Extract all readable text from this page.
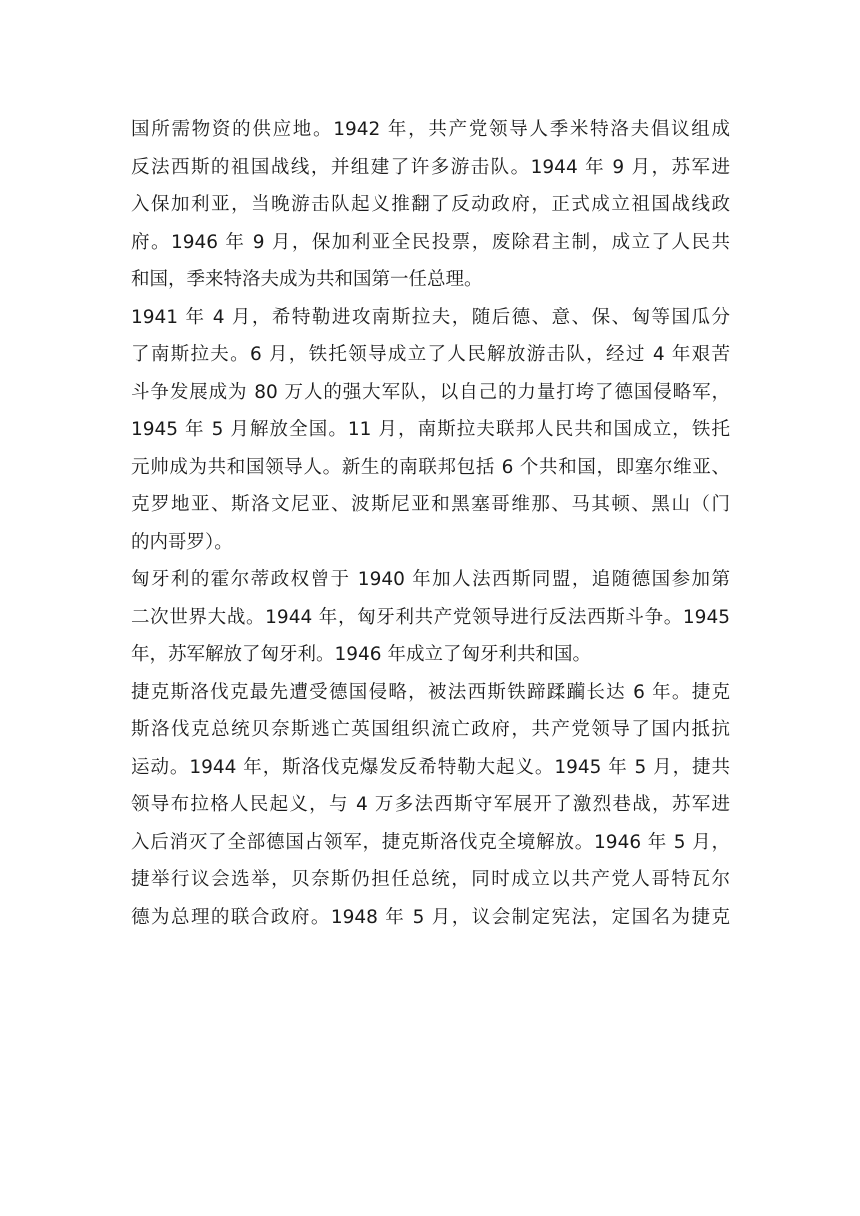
国所需物资的供应地。1942 年，共产党领导人季米特洛夫倡议组成
反法西斯的祖国战线，并组建了许多游击队。1944 年 9 月，苏军进
入保加利亚，当晚游击队起义推翻了反动政府，正式成立祖国战线政
府。1946 年 9 月，保加利亚全民投票，废除君主制，成立了人民共
和国，季来特洛夫成为共和国第一任总理。
1941 年 4 月，希特勒进攻南斯拉夫，随后德、意、保、匈等国瓜分
了南斯拉夫。6 月，铁托领导成立了人民解放游击队，经过 4 年艰苦
斗争发展成为 80 万人的强大军队，以自己的力量打垮了德国侵略军，
1945 年 5 月解放全国。11 月，南斯拉夫联邦人民共和国成立，铁托
元帅成为共和国领导人。新生的南联邦包括 6 个共和国，即塞尔维亚、
克罗地亚、斯洛文尼亚、波斯尼亚和黑塞哥维那、马其顿、黑山（门
的内哥罗）。
匈牙利的霍尔蒂政权曾于 1940 年加人法西斯同盟，追随德国参加第
二次世界大战。1944 年，匈牙利共产党领导进行反法西斯斗争。1945
年，苏军解放了匈牙利。1946 年成立了匈牙利共和国。
捷克斯洛伐克最先遭受德国侵略，被法西斯铁蹄蹂躏长达 6 年。捷克
斯洛伐克总统贝奈斯逃亡英国组织流亡政府，共产党领导了国内抵抗
运动。1944 年，斯洛伐克爆发反希特勒大起义。1945 年 5 月，捷共
领导布拉格人民起义，与 4 万多法西斯守军展开了激烈巷战，苏军进
入后消灭了全部德国占领军，捷克斯洛伐克全境解放。1946 年 5 月，
捷举行议会选举，贝奈斯仍担任总统，同时成立以共产党人哥特瓦尔
德为总理的联合政府。1948 年 5 月，议会制定宪法，定国名为捷克
